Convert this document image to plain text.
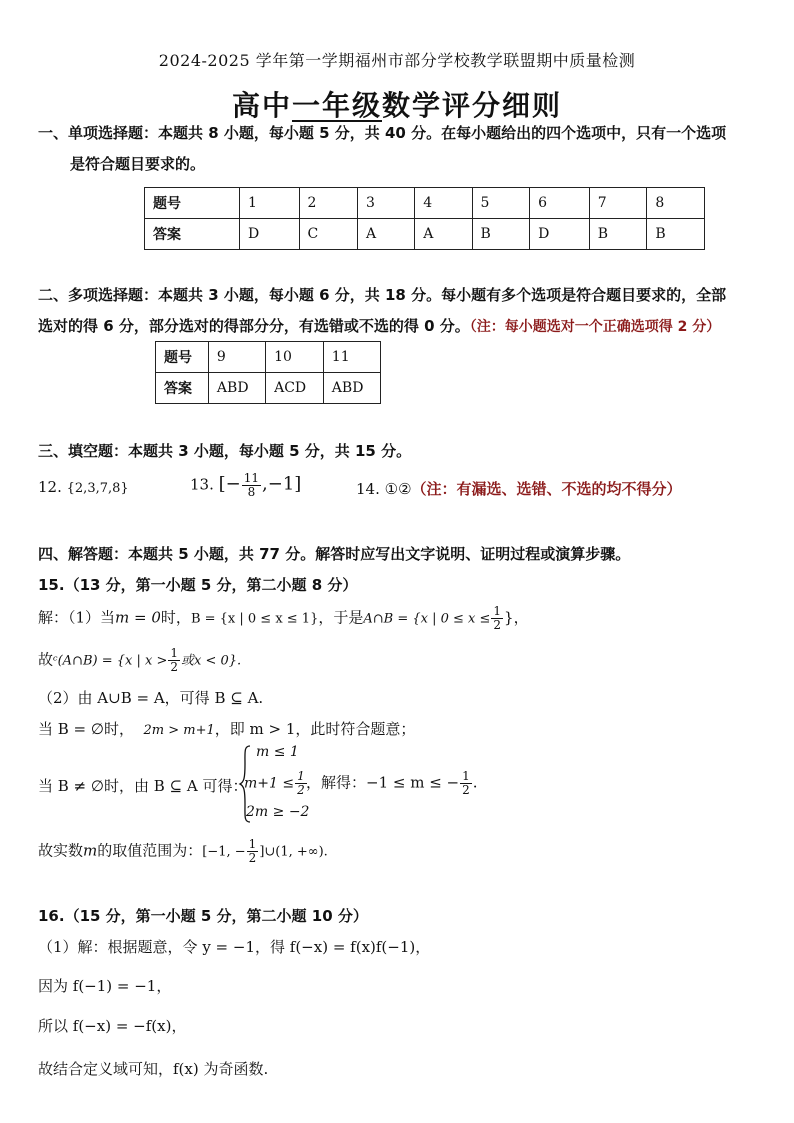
2024-2025 学年第一学期福州市部分学校教学联盟期中质量检测
高中一年级数学评分细则
一、单项选择题：本题共 8 小题，每小题 5 分，共 40 分。在每小题给出的四个选项中，只有一个选项
是符合题目要求的。
题号	1	2	3	4	5	6	7	8
答案	D	C	A	A	B	D	B	B
二、多项选择题：本题共 3 小题，每小题 6 分，共 18 分。每小题有多个选项是符合题目要求的，全部
选对的得 6 分，部分选对的得部分分，有选错或不选的得 0 分。（注：每小题选对一个正确选项得 2 分）
题号	9	10	11
答案	ABD	ACD	ABD
三、填空题：本题共 3 小题，每小题 5 分，共 15 分。
12. {2,3,7,8}	13. [− $\frac{11}{8} ,-1$]	14. ①②（注：有漏选、选错、不选的均不得分）
四、解答题：本题共 5 小题，共 77 分。解答时应写出文字说明、证明过程或演算步骤。
15.（13 分，第一小题 5 分，第二小题 8 分）
解：（1）当m = 0时，B = {x | 0 ≤ x ≤ 1}，于是A∩B = {x | $0 \le x \le \frac{1}{2}$ }，
故ᶜ(A∩B) = {x | $x > \frac{1}{2}$ 或x < 0}.
（2）由 A∪B = A，可得 B ⊆ A.
当 B = ∅时， 2m > m+1，即 m > 1，此时符合题意；
当 B ≠ ∅时，由 B ⊆ A 可得：
m ≤ 1
$m+1 \le \frac{1}{2}$
2m ≥ −2
，解得：−1 ≤ m ≤ − $\frac{1}{2}$ .
故实数m的取值范围为：[−1, − $\frac{1}{2}$ ]∪(1, +∞).
16.（15 分，第一小题 5 分，第二小题 10 分）
（1）解：根据题意，令 y = −1，得 f(−x) = f(x)f(−1)，
因为 f(−1) = −1，
所以 f(−x) = −f(x)，
故结合定义域可知，f(x) 为奇函数.
